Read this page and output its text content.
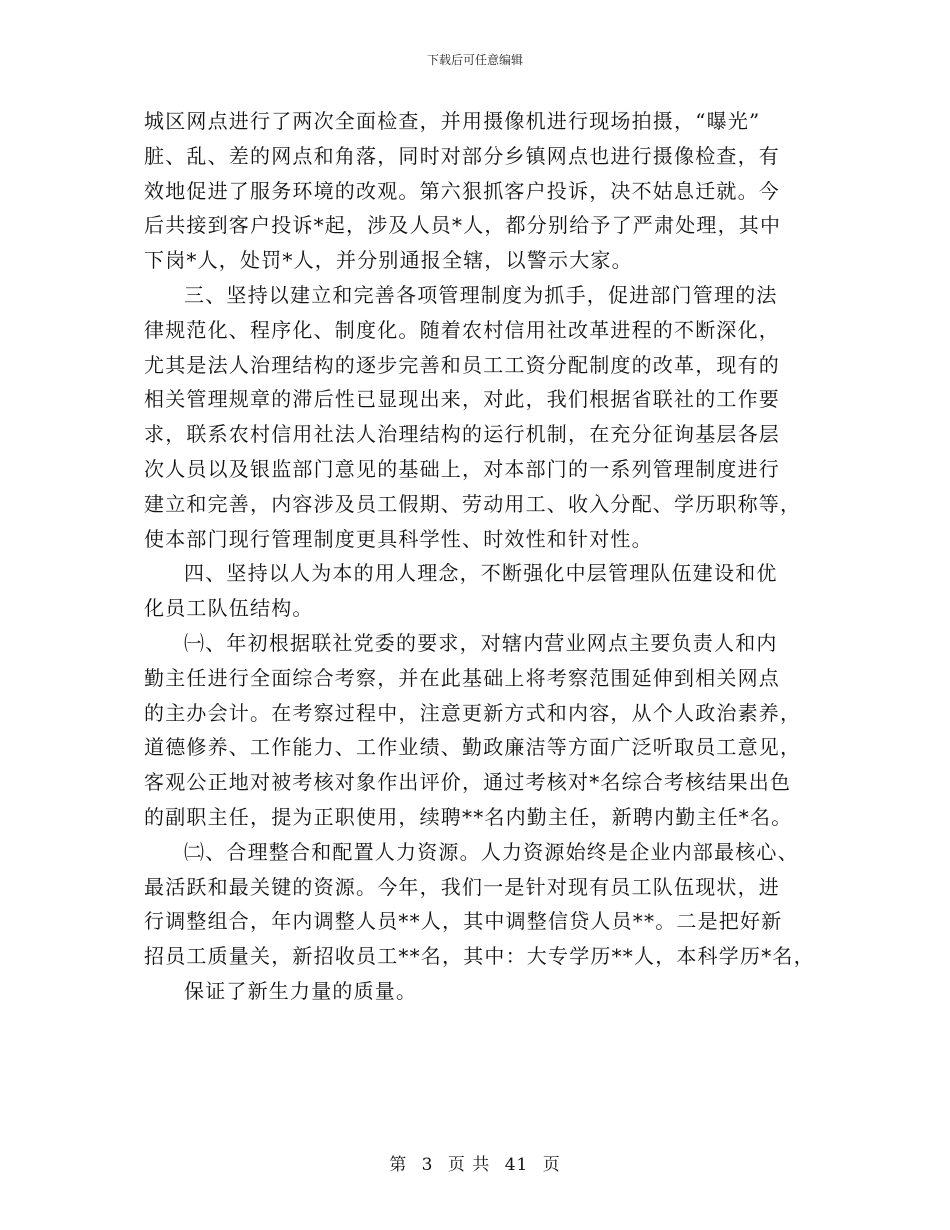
下载后可任意编辑
城区网点进行了两次全面检查，并用摄像机进行现场拍摄，“曝光”
脏、乱、差的网点和角落，同时对部分乡镇网点也进行摄像检查，有
效地促进了服务环境的改观。第六狠抓客户投诉，决不姑息迁就。今
后共接到客户投诉*起，涉及人员*人，都分别给予了严肃处理，其中
下岗*人，处罚*人，并分别通报全辖，以警示大家。
三、坚持以建立和完善各项管理制度为抓手，促进部门管理的法
律规范化、程序化、制度化。随着农村信用社改革进程的不断深化，
尤其是法人治理结构的逐步完善和员工工资分配制度的改革，现有的
相关管理规章的滞后性已显现出来，对此，我们根据省联社的工作要
求，联系农村信用社法人治理结构的运行机制，在充分征询基层各层
次人员以及银监部门意见的基础上，对本部门的一系列管理制度进行
建立和完善，内容涉及员工假期、劳动用工、收入分配、学历职称等，
使本部门现行管理制度更具科学性、时效性和针对性。
四、坚持以人为本的用人理念，不断强化中层管理队伍建设和优
化员工队伍结构。
㈠、年初根据联社党委的要求，对辖内营业网点主要负责人和内
勤主任进行全面综合考察，并在此基础上将考察范围延伸到相关网点
的主办会计。在考察过程中，注意更新方式和内容，从个人政治素养，
道德修养、工作能力、工作业绩、勤政廉洁等方面广泛听取员工意见，
客观公正地对被考核对象作出评价，通过考核对*名综合考核结果出色
的副职主任，提为正职使用，续聘**名内勤主任，新聘内勤主任*名。
㈡、合理整合和配置人力资源。人力资源始终是企业内部最核心、
最活跃和最关键的资源。今年，我们一是针对现有员工队伍现状，进
行调整组合，年内调整人员**人，其中调整信贷人员**。二是把好新
招员工质量关，新招收员工**名，其中：大专学历**人，本科学历*名，
保证了新生力量的质量。
第 3 页 共 41 页
